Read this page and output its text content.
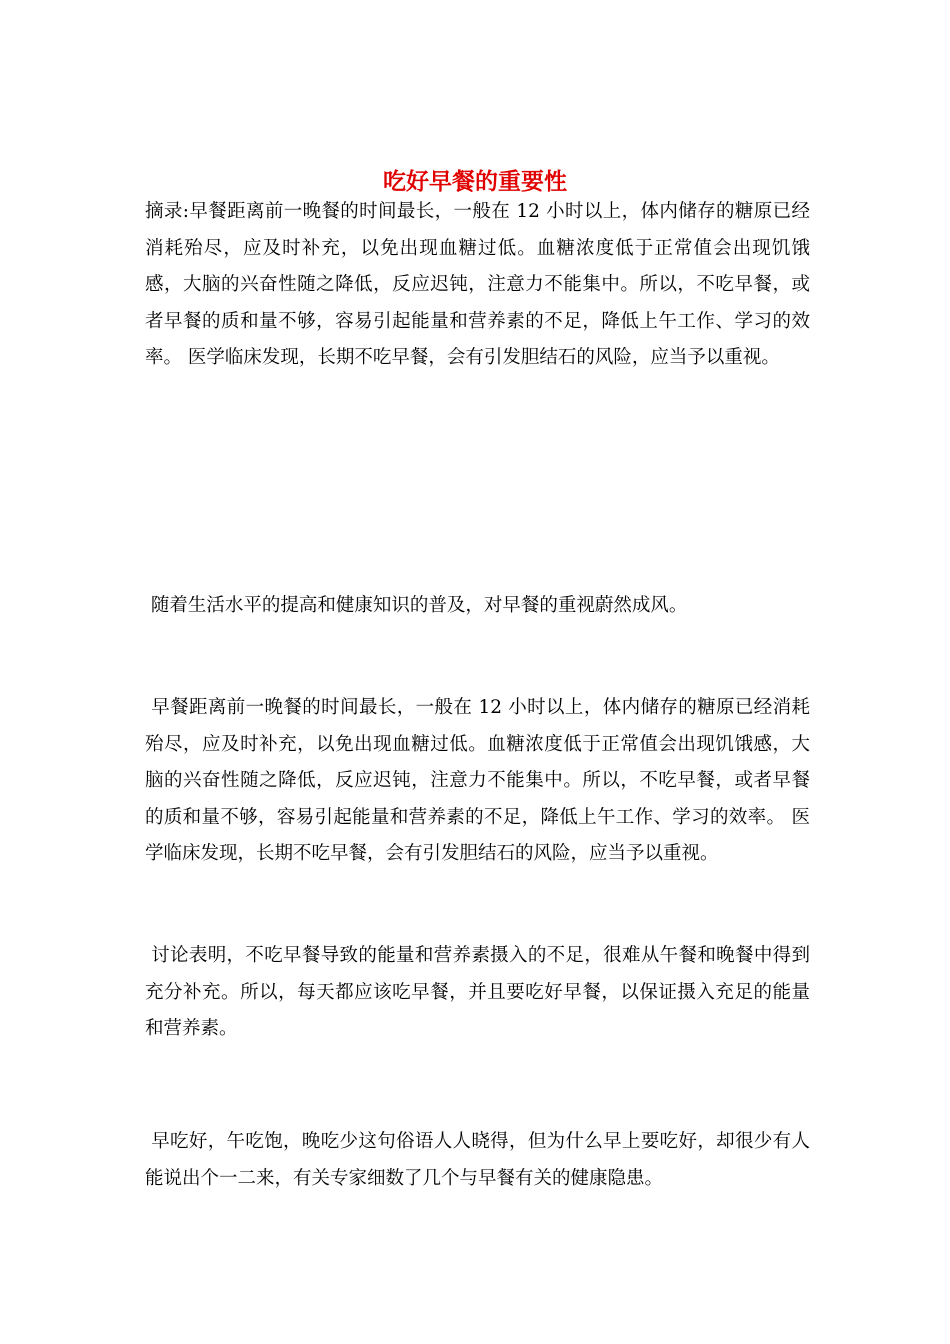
吃好早餐的重要性

摘录:早餐距离前一晚餐的时间最长，一般在 12 小时以上，体内储存的糖原已经消耗殆尽，应及时补充，以免出现血糖过低。血糖浓度低于正常值会出现饥饿感，大脑的兴奋性随之降低，反应迟钝，注意力不能集中。所以，不吃早餐，或者早餐的质和量不够，容易引起能量和营养素的不足，降低上午工作、学习的效率。 医学临床发现，长期不吃早餐，会有引发胆结石的风险，应当予以重视。

随着生活水平的提高和健康知识的普及，对早餐的重视蔚然成风。

早餐距离前一晚餐的时间最长，一般在 12 小时以上，体内储存的糖原已经消耗殆尽，应及时补充，以免出现血糖过低。血糖浓度低于正常值会出现饥饿感，大脑的兴奋性随之降低，反应迟钝，注意力不能集中。所以，不吃早餐，或者早餐的质和量不够，容易引起能量和营养素的不足，降低上午工作、学习的效率。 医学临床发现，长期不吃早餐，会有引发胆结石的风险，应当予以重视。

讨论表明，不吃早餐导致的能量和营养素摄入的不足，很难从午餐和晚餐中得到充分补充。所以，每天都应该吃早餐，并且要吃好早餐，以保证摄入充足的能量和营养素。

早吃好，午吃饱，晚吃少这句俗语人人晓得，但为什么早上要吃好，却很少有人能说出个一二来，有关专家细数了几个与早餐有关的健康隐患。
